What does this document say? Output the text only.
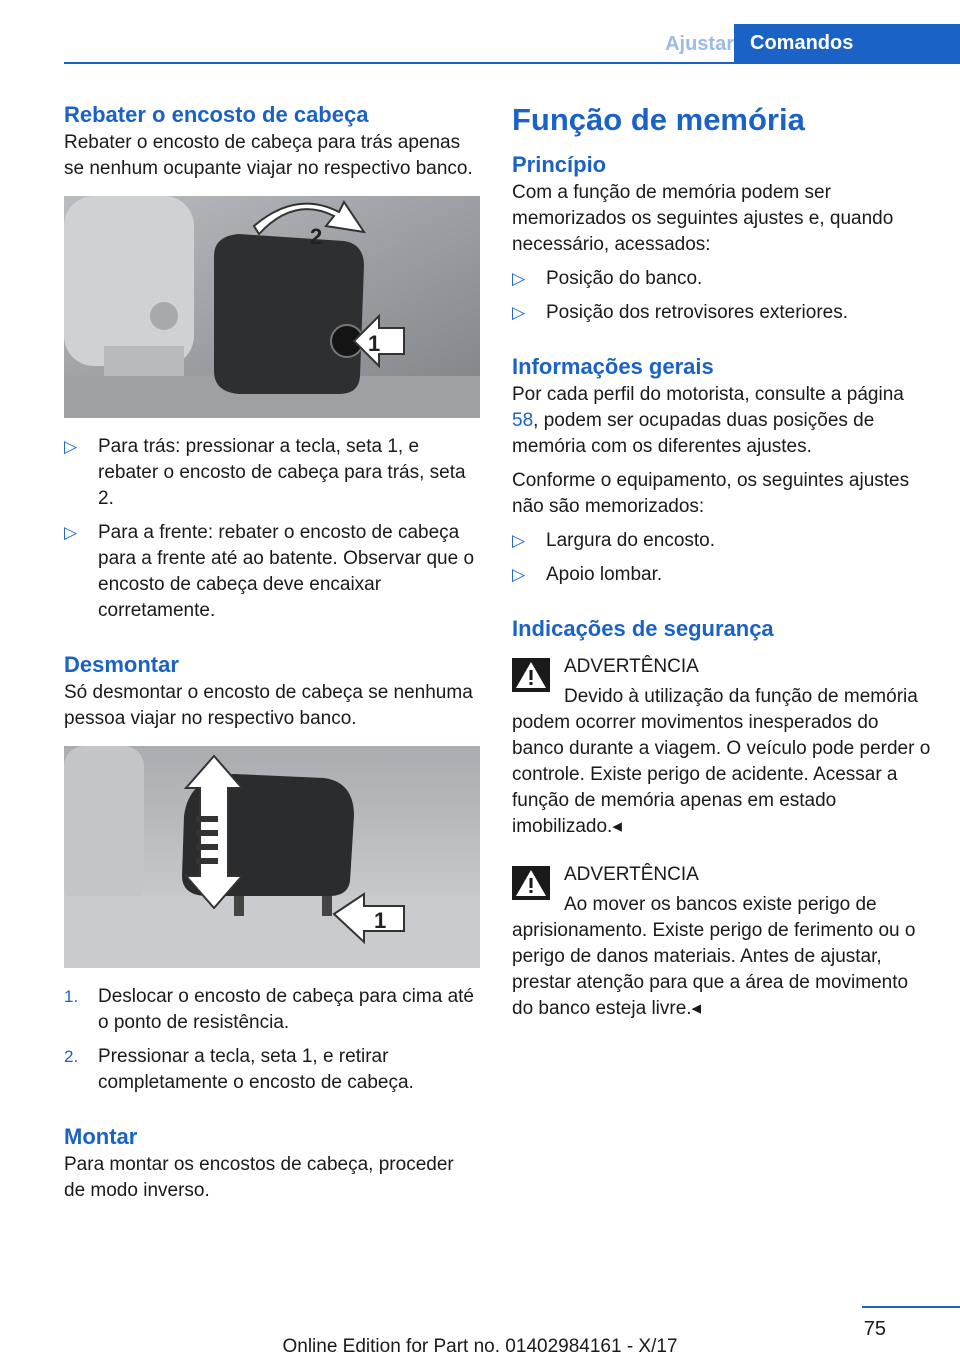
Ajustar Comandos
Rebater o encosto de cabeça

Rebater o encosto de cabeça para trás apenas se nenhum ocupante viajar no respectivo banco.

2
1
▷ Para trás: pressionar a tecla, seta 1, e rebater o encosto de cabeça para trás, seta 2.
▷ Para a frente: rebater o encosto de cabeça para a frente até ao batente. Observar que o encosto de cabeça deve encaixar corretamente.
Desmontar

Só desmontar o encosto de cabeça se nenhuma pessoa viajar no respectivo banco.

1
1. Deslocar o encosto de cabeça para cima até o ponto de resistência.
2. Pressionar a tecla, seta 1, e retirar completamente o encosto de cabeça.
Montar

Para montar os encostos de cabeça, proceder de modo inverso.

Função de memória
Princípio

Com a função de memória podem ser memorizados os seguintes ajustes e, quando necessário, acessados:

▷ Posição do banco.
▷ Posição dos retrovisores exteriores.
Informações gerais

Por cada perfil do motorista, consulte a página 58, podem ser ocupadas duas posições de memória com os diferentes ajustes.

Conforme o equipamento, os seguintes ajustes não são memorizados:

▷ Largura do encosto.
▷ Apoio lombar.
Indicações de segurança
ADVERTÊNCIA
Devido à utilização da função de memória podem ocorrer movimentos inesperados do banco durante a viagem. O veículo pode perder o controle. Existe perigo de acidente. Acessar a função de memória apenas em estado imobilizado.◂
ADVERTÊNCIA
Ao mover os bancos existe perigo de aprisionamento. Existe perigo de ferimento ou o perigo de danos materiais. Antes de ajustar, prestar atenção para que a área de movimento do banco esteja livre.◂
75
Online Edition for Part no. 01402984161 - X/17
